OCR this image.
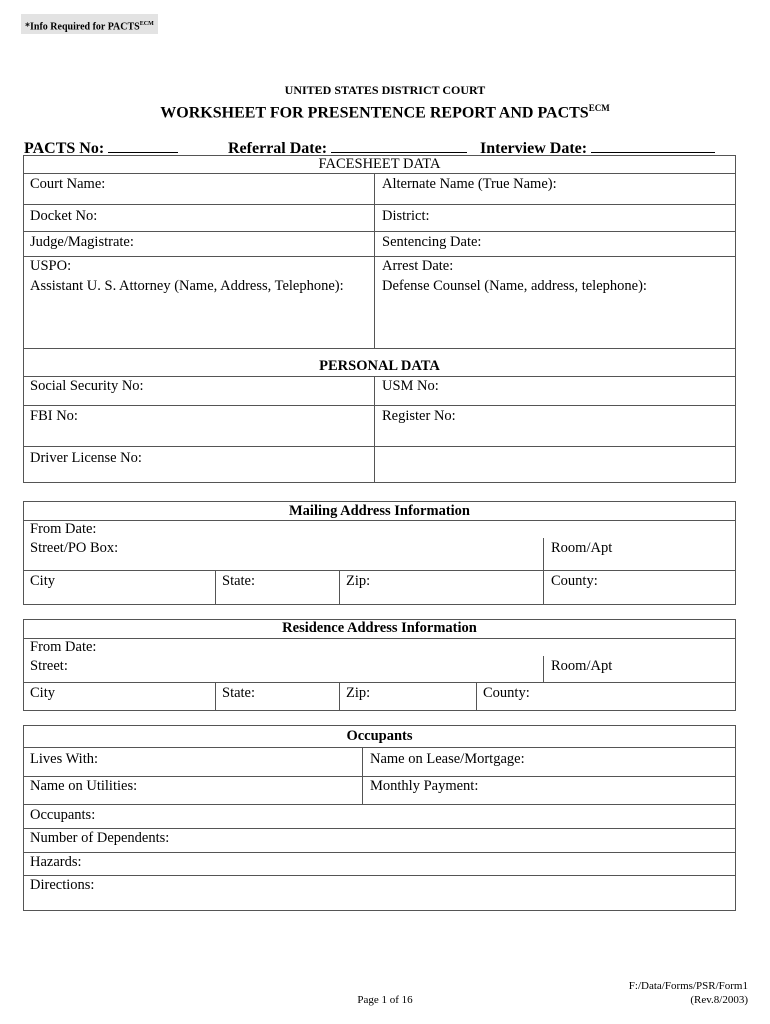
*Info Required for $PACTS^{ECM}$
UNITED STATES DISTRICT COURT
WORKSHEET FOR PRESENTENCE REPORT AND $PACTS^{ECM}$
PACTS No:	Referral Date:	Interview Date:
FACESHEET DATA
Court Name:	Alternate Name (True Name):
Docket No:	District:
Judge/Magistrate:	Sentencing Date:
USPO:	Arrest Date:
Assistant U. S. Attorney (Name, Address, Telephone):	Defense Counsel (Name, address, telephone):
PERSONAL DATA
Social Security No:	USM No:
FBI No:	Register No:
Driver License No:
Mailing Address Information
From Date:
Street/PO Box:	Room/Apt
City	State:	Zip:	County:
Residence Address Information
From Date:
Street:	Room/Apt
City	State:	Zip:	County:
Occupants
Lives With:	Name on Lease/Mortgage:
Name on Utilities:	Monthly Payment:
Occupants:
Number of Dependents:
Hazards:
Directions:
Page 1 of 16
F:/Data/Forms/PSR/Form1
(Rev.8/2003)
